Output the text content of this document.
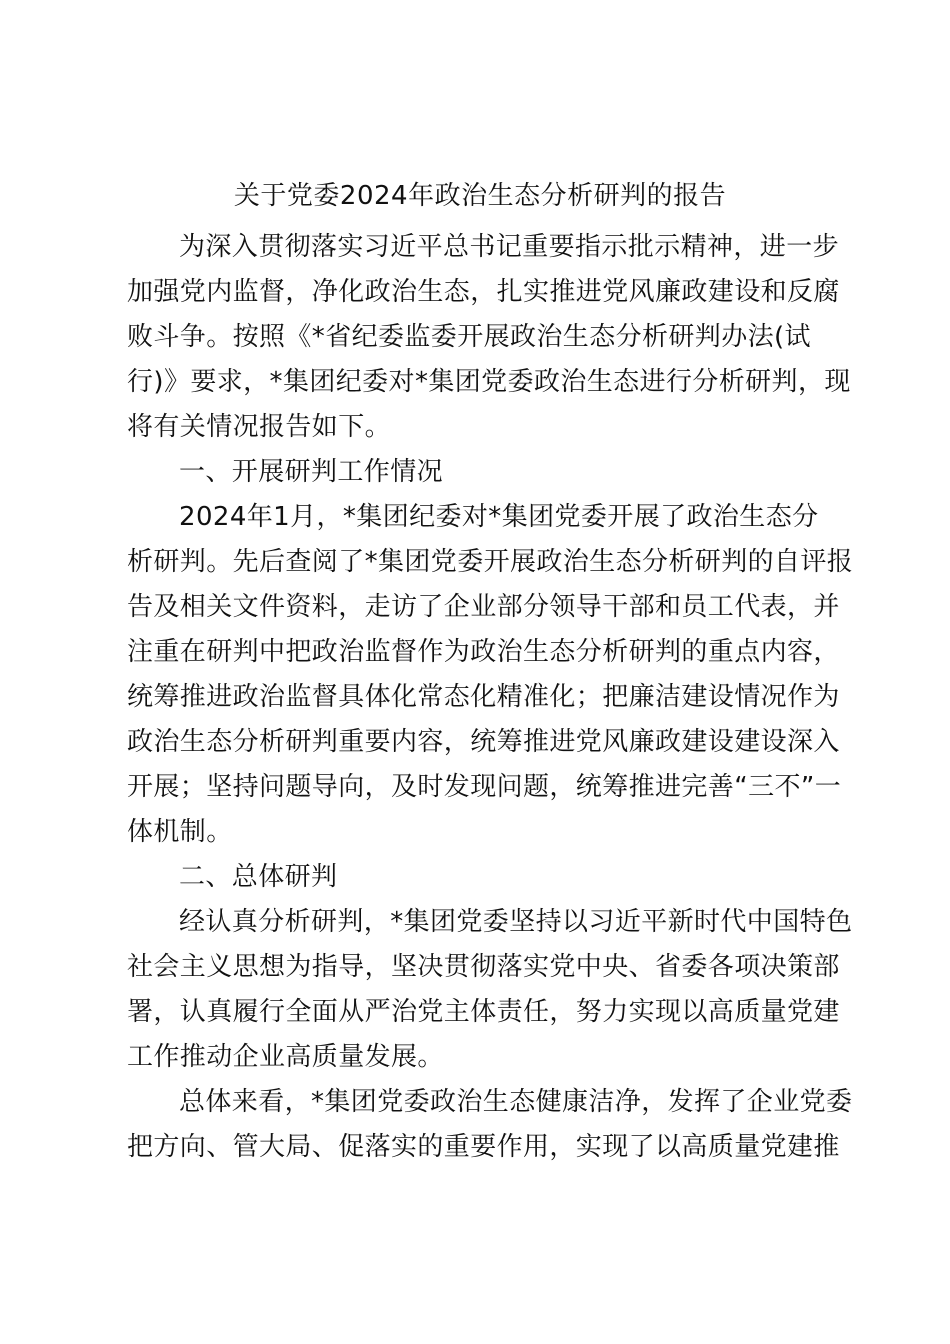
关于党委2024年政治生态分析研判的报告

为深入贯彻落实习近平总书记重要指示批示精神，进一步

加强党内监督，净化政治生态，扎实推进党风廉政建设和反腐

败斗争。按照《*省纪委监委开展政治生态分析研判办法(试

行)》要求，*集团纪委对*集团党委政治生态进行分析研判，现

将有关情况报告如下。

一、开展研判工作情况

2024年1月，*集团纪委对*集团党委开展了政治生态分

析研判。先后查阅了*集团党委开展政治生态分析研判的自评报

告及相关文件资料，走访了企业部分领导干部和员工代表，并

注重在研判中把政治监督作为政治生态分析研判的重点内容，

统筹推进政治监督具体化常态化精准化；把廉洁建设情况作为

政治生态分析研判重要内容，统筹推进党风廉政建设建设深入

开展；坚持问题导向，及时发现问题，统筹推进完善“三不”一

体机制。

二、总体研判

经认真分析研判，*集团党委坚持以习近平新时代中国特色

社会主义思想为指导，坚决贯彻落实党中央、省委各项决策部

署，认真履行全面从严治党主体责任，努力实现以高质量党建

工作推动企业高质量发展。

总体来看，*集团党委政治生态健康洁净，发挥了企业党委

把方向、管大局、促落实的重要作用，实现了以高质量党建推
